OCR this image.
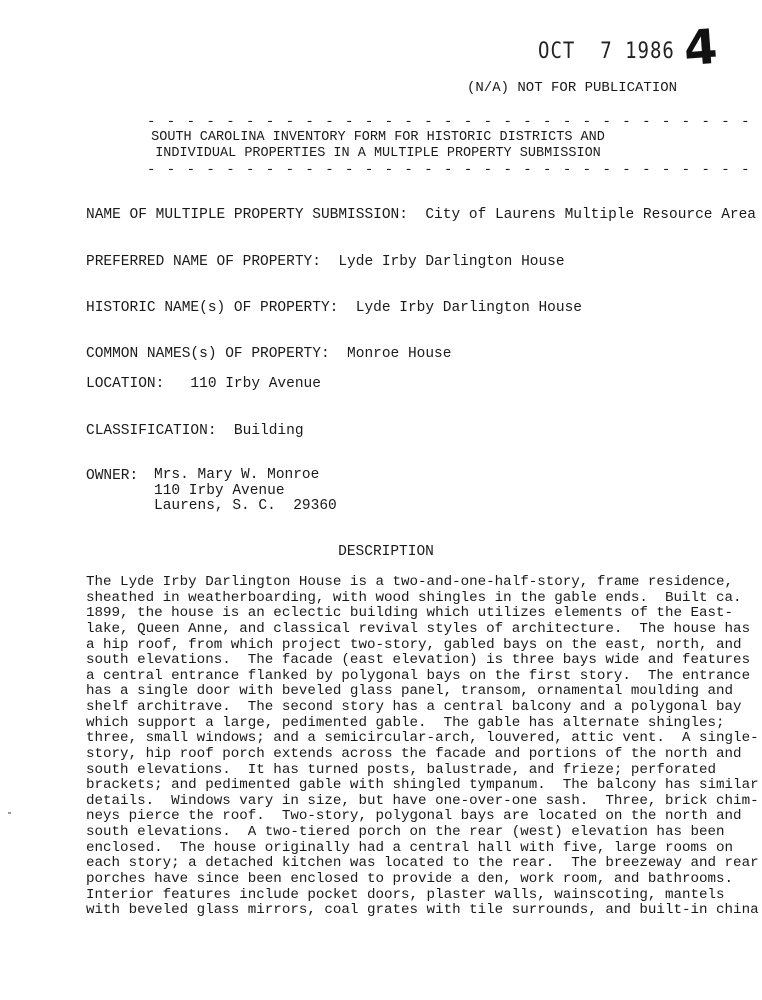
OCT  7 1986 4
(N/A) NOT FOR PUBLICATION
- - - - - - - - - - - - - - - - - - - - - - - - - - - - - - -
SOUTH CAROLINA INVENTORY FORM FOR HISTORIC DISTRICTS AND
INDIVIDUAL PROPERTIES IN A MULTIPLE PROPERTY SUBMISSION
- - - - - - - - - - - - - - - - - - - - - - - - - - - - - - -
NAME OF MULTIPLE PROPERTY SUBMISSION:  City of Laurens Multiple Resource Area
PREFERRED NAME OF PROPERTY:  Lyde Irby Darlington House
HISTORIC NAME(s) OF PROPERTY:  Lyde Irby Darlington House
COMMON NAMES(s) OF PROPERTY:  Monroe House
LOCATION:   110 Irby Avenue
CLASSIFICATION:  Building
OWNER: Mrs. Mary W. Monroe
110 Irby Avenue
Laurens, S. C.  29360
DESCRIPTION
The Lyde Irby Darlington House is a two-and-one-half-story, frame residence,
sheathed in weatherboarding, with wood shingles in the gable ends.  Built ca.
1899, the house is an eclectic building which utilizes elements of the East-
lake, Queen Anne, and classical revival styles of architecture.  The house has
a hip roof, from which project two-story, gabled bays on the east, north, and
south elevations.  The facade (east elevation) is three bays wide and features
a central entrance flanked by polygonal bays on the first story.  The entrance
has a single door with beveled glass panel, transom, ornamental moulding and
shelf architrave.  The second story has a central balcony and a polygonal bay
which support a large, pedimented gable.  The gable has alternate shingles;
three, small windows; and a semicircular-arch, louvered, attic vent.  A single-
story, hip roof porch extends across the facade and portions of the north and
south elevations.  It has turned posts, balustrade, and frieze; perforated
brackets; and pedimented gable with shingled tympanum.  The balcony has similar
details.  Windows vary in size, but have one-over-one sash.  Three, brick chim-
neys pierce the roof.  Two-story, polygonal bays are located on the north and
south elevations.  A two-tiered porch on the rear (west) elevation has been
enclosed.  The house originally had a central hall with five, large rooms on
each story; a detached kitchen was located to the rear.  The breezeway and rear
porches have since been enclosed to provide a den, work room, and bathrooms.
Interior features include pocket doors, plaster walls, wainscoting, mantels
with beveled glass mirrors, coal grates with tile surrounds, and built-in china
